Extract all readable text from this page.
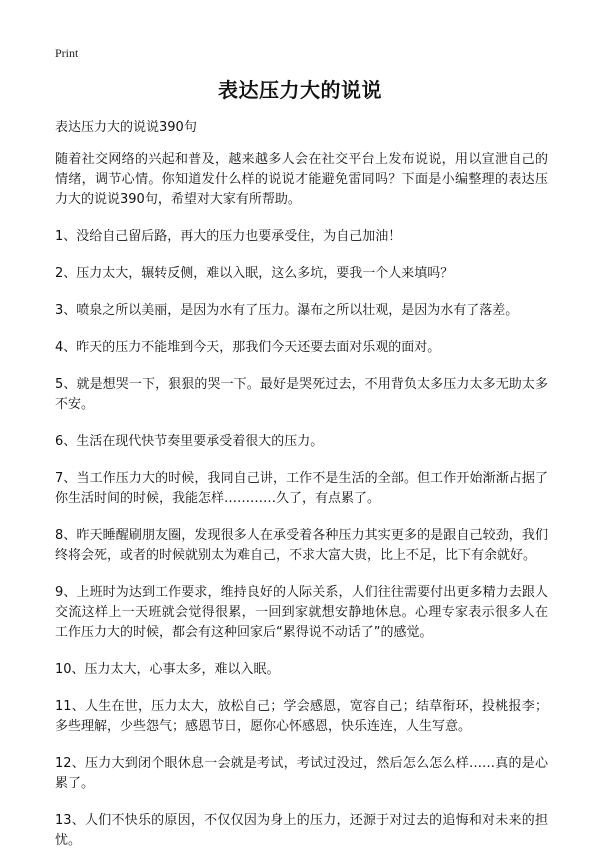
Print
表达压力大的说说
表达压力大的说说390句

随着社交网络的兴起和普及，越来越多人会在社交平台上发布说说，用以宣泄自己的情绪，调节心情。你知道发什么样的说说才能避免雷同吗？下面是小编整理的表达压力大的说说390句，希望对大家有所帮助。

1、没给自己留后路，再大的压力也要承受住，为自己加油！

2、压力太大，辗转反侧，难以入眠，这么多坑，要我一个人来填吗？

3、喷泉之所以美丽，是因为水有了压力。瀑布之所以壮观，是因为水有了落差。

4、昨天的压力不能堆到今天，那我们今天还要去面对乐观的面对。

5、就是想哭一下，狠狠的哭一下。最好是哭死过去，不用背负太多压力太多无助太多不安。

6、生活在现代快节奏里要承受着很大的压力。

7、当工作压力大的时候，我同自己讲，工作不是生活的全部。但工作开始渐渐占据了你生活时间的时候，我能怎样…………久了，有点累了。

8、昨天睡醒刷朋友圈，发现很多人在承受着各种压力其实更多的是跟自己较劲，我们终将会死，或者的时候就别太为难自己，不求大富大贵，比上不足，比下有余就好。

9、上班时为达到工作要求，维持良好的人际关系，人们往往需要付出更多精力去跟人交流这样上一天班就会觉得很累，一回到家就想安静地休息。心理专家表示很多人在工作压力大的时候，都会有这种回家后“累得说不动话了”的感觉。

10、压力太大，心事太多，难以入眠。

11、人生在世，压力太大，放松自己；学会感恩，宽容自己；结草衔环，投桃报李；多些理解，少些怨气；感恩节日，愿你心怀感恩，快乐连连，人生写意。

12、压力大到闭个眼休息一会就是考试，考试过没过，然后怎么怎么样……真的是心累了。

13、人们不快乐的原因，不仅仅因为身上的压力，还源于对过去的追悔和对未来的担忧。
